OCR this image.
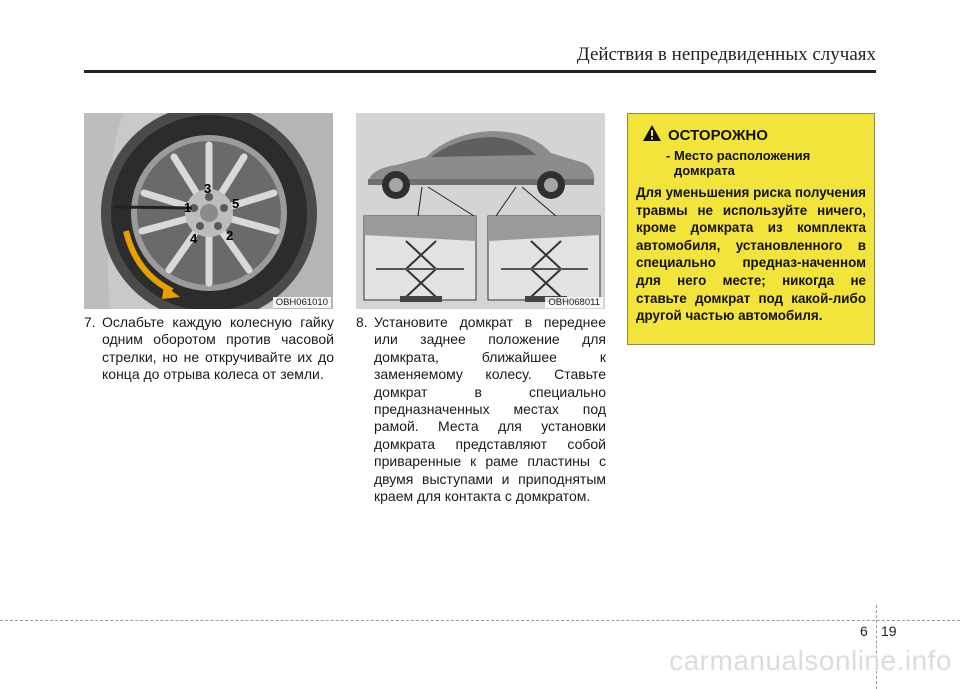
Действия в непредвиденных случаях
1
2
3
4
5
OBH061010	OBH068011
7. Ослабьте каждую колесную гайку одним оборотом против часовой стрелки, но не откручивайте их до конца до отрыва колеса от земли.
8. Установите домкрат в переднее или заднее положение для домкрата, ближайшее к заменяемому колесу. Ставьте домкрат в специально предназначенных местах под рамой. Места для установки домкрата представляют собой приваренные к раме пластины с двумя выступами и приподнятым краем для контакта с домкратом.
ОСТОРОЖНО
- Место расположения домкрата
Для уменьшения риска получения травмы не используйте ничего, кроме домкрата из комплекта автомобиля, установленного в специально предназ-наченном для него месте; никогда не ставьте домкрат под какой-либо другой частью автомобиля.
6 19
carmanualsonline.info
